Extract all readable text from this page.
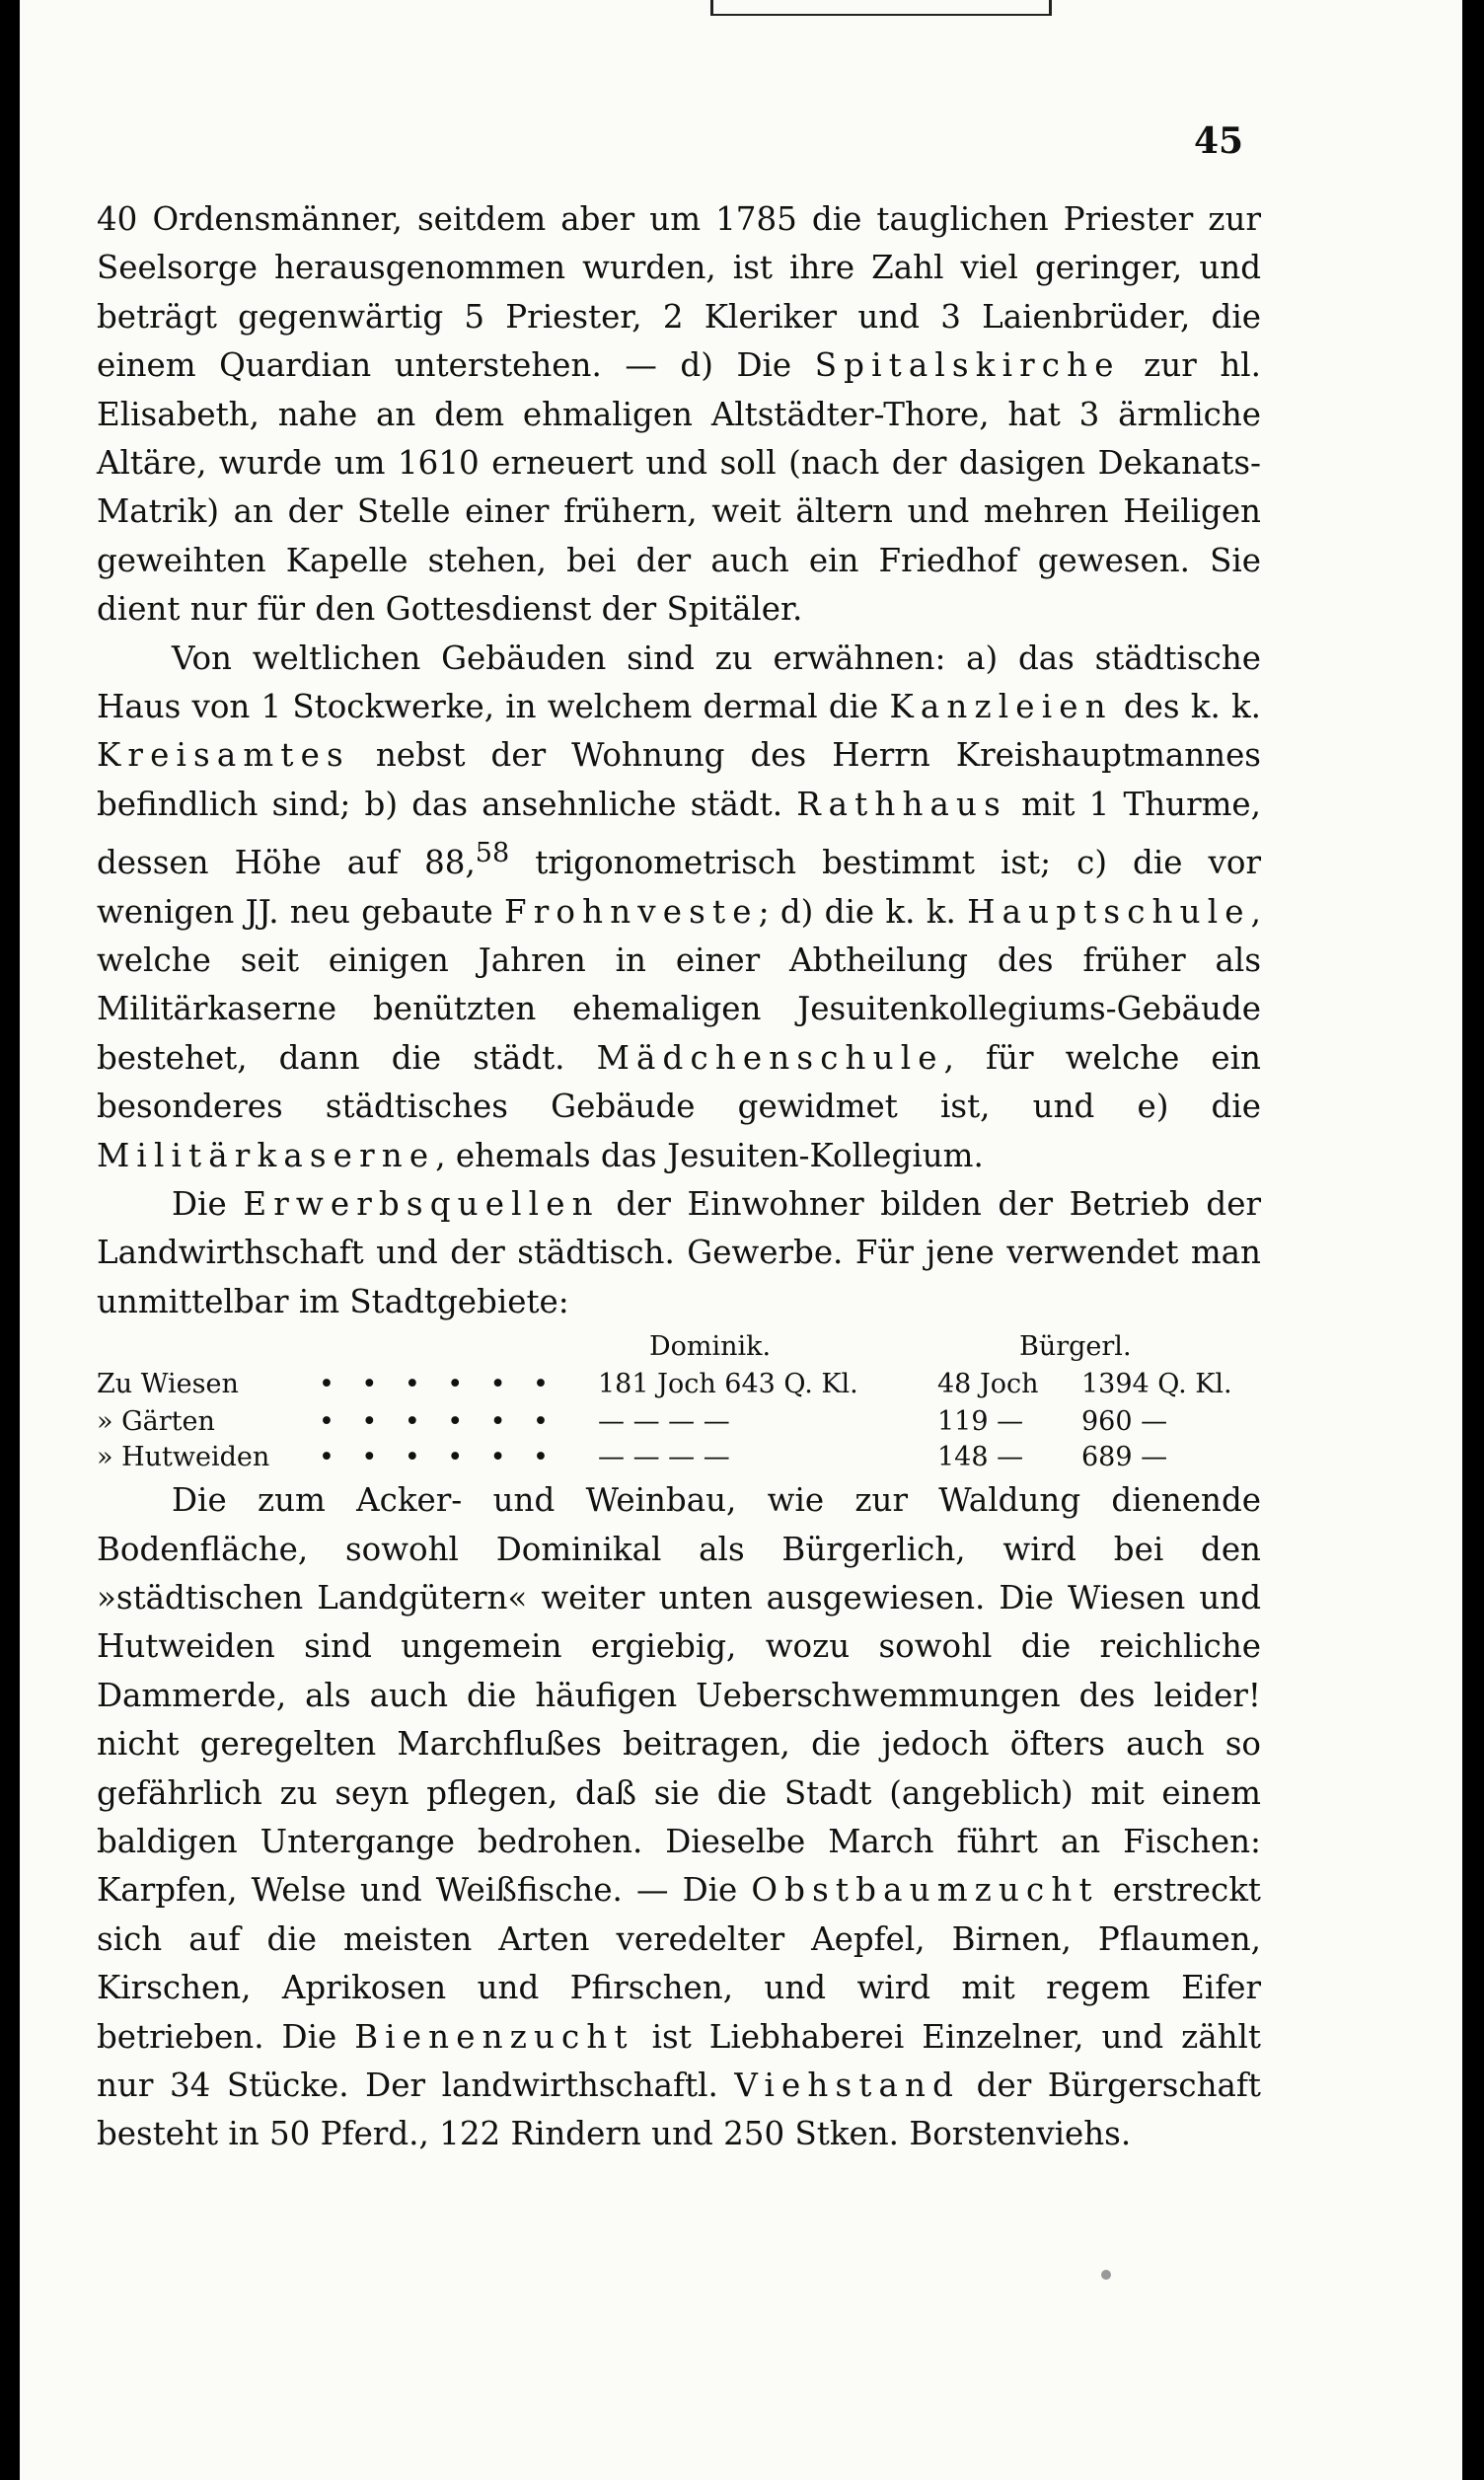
45

40 Ordensmänner, seitdem aber um 1785 die tauglichen Priester zur Seelsorge herausgenommen wurden, ist ihre Zahl viel geringer, und beträgt gegenwärtig 5 Priester, 2 Kleriker und 3 Laienbrüder, die einem Quardian unterstehen. — d) Die Spitalskirche zur hl. Elisabeth, nahe an dem ehmaligen Altstädter-Thore, hat 3 ärmliche Altäre, wurde um 1610 erneuert und soll (nach der dasigen Dekanats-Matrik) an der Stelle einer frühern, weit ältern und mehren Heiligen geweihten Kapelle stehen, bei der auch ein Friedhof gewesen. Sie dient nur für den Gottesdienst der Spitäler.

Von weltlichen Gebäuden sind zu erwähnen: a) das städtische Haus von 1 Stockwerke, in welchem dermal die Kanzleien des k. k. Kreisamtes nebst der Wohnung des Herrn Kreishauptmannes befindlich sind; b) das ansehnliche städt. Rathhaus mit 1 Thurme, dessen Höhe auf 88,58 trigonometrisch bestimmt ist; c) die vor wenigen JJ. neu gebaute Frohnveste; d) die k. k. Hauptschule, welche seit einigen Jahren in einer Abtheilung des früher als Militärkaserne benützten ehemaligen Jesuitenkollegiums-Gebäude bestehet, dann die städt. Mädchenschule, für welche ein besonderes städtisches Gebäude gewidmet ist, und e) die Militärkaserne, ehemals das Jesuiten-Kollegium.

Die Erwerbsquellen der Einwohner bilden der Betrieb der Landwirthschaft und der städtisch. Gewerbe. Für jene verwendet man unmittelbar im Stadtgebiete:

Dominik.	Bürgerl.
Zu Wiesen	• • • • • • 181 Joch 643 Q. Kl.	48 Joch 1394 Q. Kl.
» Gärten	• • • • • • — — — —	119 — 960 —
» Hutweiden • • • • • • — — — —	148 — 689 —

Die zum Acker- und Weinbau, wie zur Waldung dienende Bodenfläche, sowohl Dominikal als Bürgerlich, wird bei den »städtischen Landgütern« weiter unten ausgewiesen. Die Wiesen und Hutweiden sind ungemein ergiebig, wozu sowohl die reichliche Dammerde, als auch die häufigen Ueberschwemmungen des leider! nicht geregelten Marchflußes beitragen, die jedoch öfters auch so gefährlich zu seyn pflegen, daß sie die Stadt (angeblich) mit einem baldigen Untergange bedrohen. Dieselbe March führt an Fischen: Karpfen, Welse und Weißfische. — Die Obstbaumzucht erstreckt sich auf die meisten Arten veredelter Aepfel, Birnen, Pflaumen, Kirschen, Aprikosen und Pfirschen, und wird mit regem Eifer betrieben. Die Bienenzucht ist Liebhaberei Einzelner, und zählt nur 34 Stücke. Der landwirthschaftl. Viehstand der Bürgerschaft besteht in 50 Pferd., 122 Rindern und 250 Stken. Borstenviehs.
